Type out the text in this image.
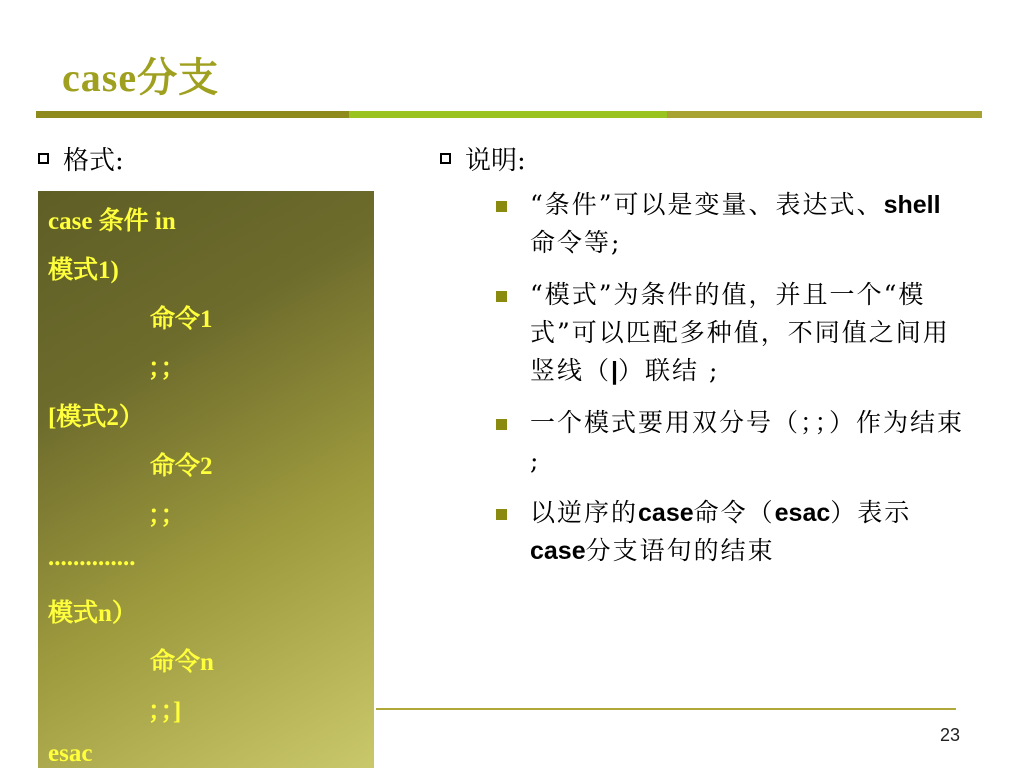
case分支
格式:
case 条件 in
模式1)
命令1
；；
[模式2）
命令2
；；
..............
模式n）
命令n
；；]
esac
说明:
“条件”可以是变量、表达式、shell命令等;
“模式”为条件的值，并且一个“模式”可以匹配多种值，不同值之间用竖线（|）联结 ;
一个模式要用双分号（；；）作为结束 ;
以逆序的case命令（esac）表示case分支语句的结束
23
